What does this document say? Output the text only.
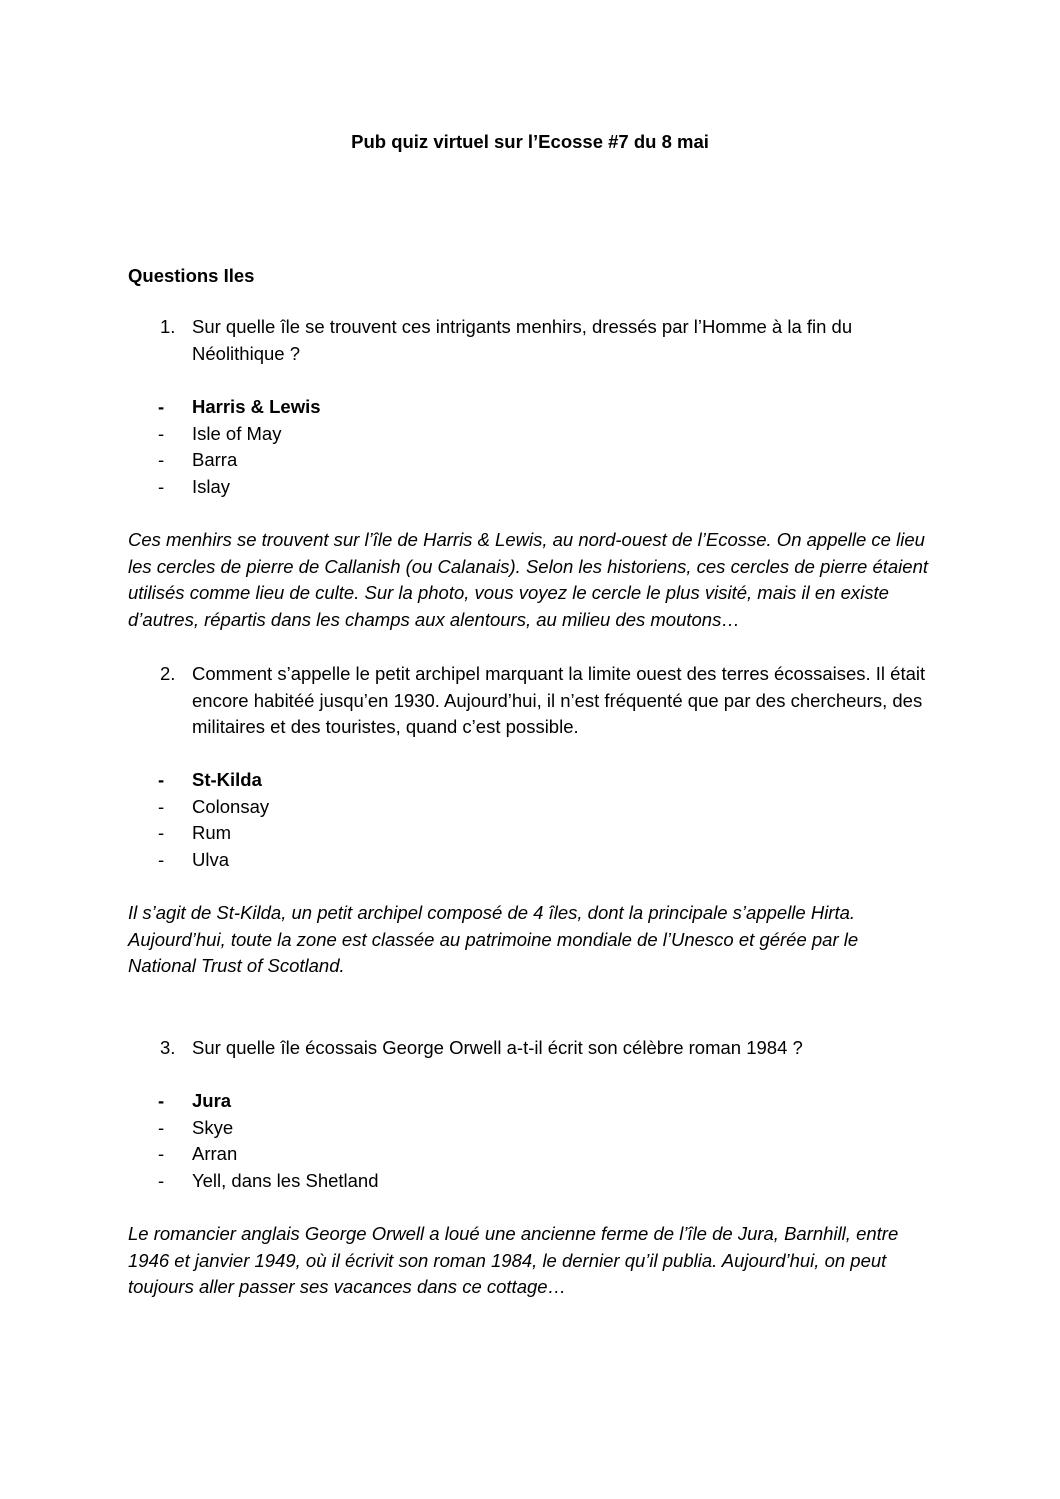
Pub quiz virtuel sur l’Ecosse #7 du 8 mai
Questions Iles
1. Sur quelle île se trouvent ces intrigants menhirs, dressés par l’Homme à la fin du Néolithique ?
- Harris & Lewis
- Isle of May
- Barra
- Islay
Ces menhirs se trouvent sur l’île de Harris & Lewis, au nord-ouest de l’Ecosse. On appelle ce lieu les cercles de pierre de Callanish (ou Calanais). Selon les historiens, ces cercles de pierre étaient utilisés comme lieu de culte. Sur la photo, vous voyez le cercle le plus visité, mais il en existe d’autres, répartis dans les champs aux alentours, au milieu des moutons…
2. Comment s’appelle le petit archipel marquant la limite ouest des terres écossaises. Il était encore habitéé jusqu’en 1930. Aujourd’hui, il n’est fréquenté que par des chercheurs, des militaires et des touristes, quand c’est possible.
- St-Kilda
- Colonsay
- Rum
- Ulva
Il s’agit de St-Kilda, un petit archipel composé de 4 îles, dont la principale s’appelle Hirta. Aujourd’hui, toute la zone est classée au patrimoine mondiale de l’Unesco et gérée par le National Trust of Scotland.
3. Sur quelle île écossais George Orwell a-t-il écrit son célèbre roman 1984 ?
- Jura
- Skye
- Arran
- Yell, dans les Shetland
Le romancier anglais George Orwell a loué une ancienne ferme de l’île de Jura, Barnhill, entre 1946 et janvier 1949, où il écrivit son roman 1984, le dernier qu’il publia. Aujourd’hui, on peut toujours aller passer ses vacances dans ce cottage…
